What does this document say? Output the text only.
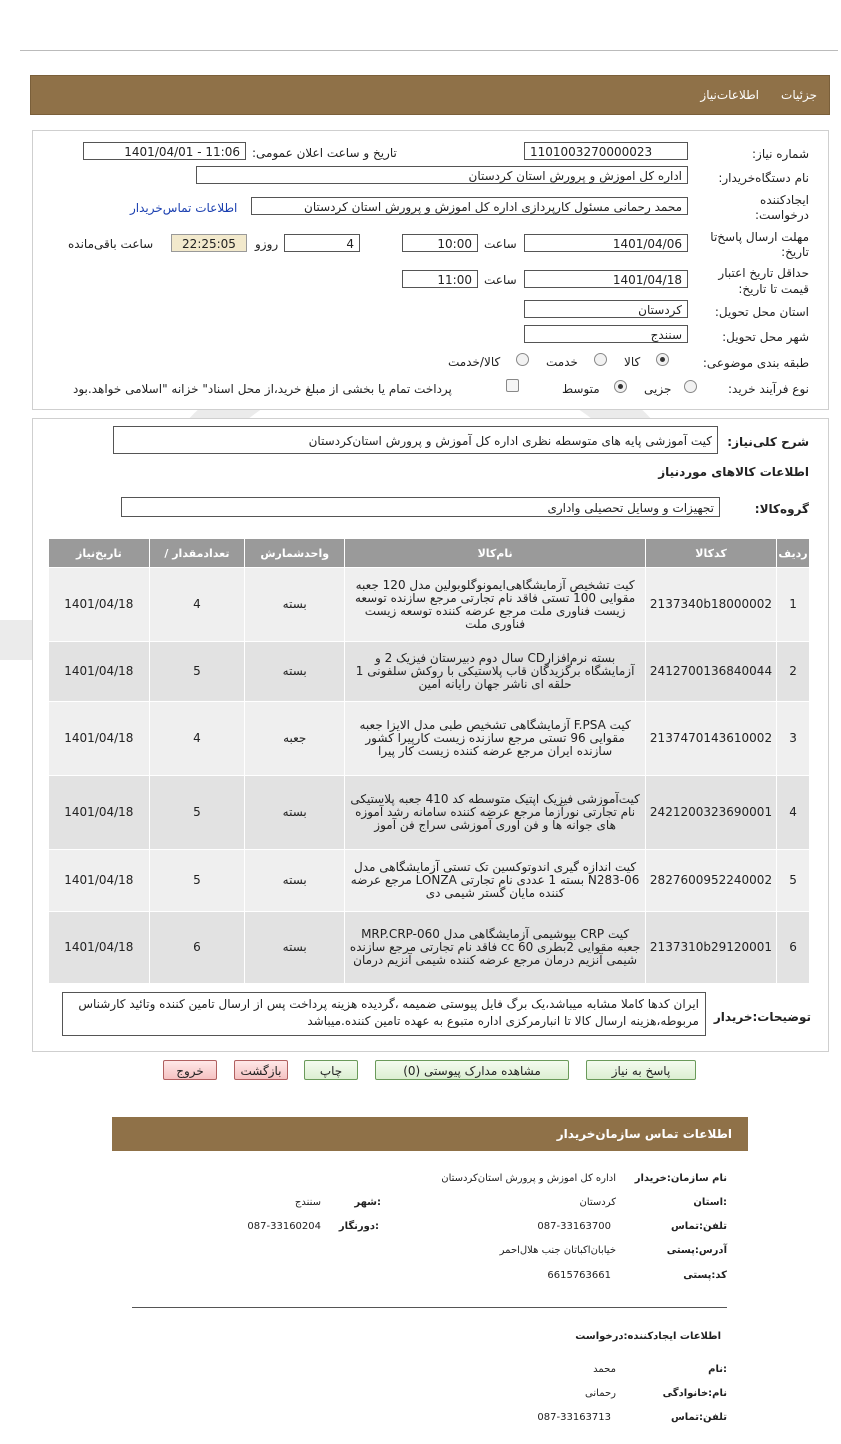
جزئیات
اطلاعات‌نیاز
شماره نیاز:
1101003270000023
تاریخ و ساعت اعلان عمومی:
1401/04/01 - 11:06
نام دستگاه‌خریدار:
اداره کل اموزش و پرورش استان کردستان
ایجادکننده
درخواست:
محمد رحمانی مسئول کارپردازی اداره کل اموزش و پرورش استان کردستان
اطلاعات تماس‌خریدار
مهلت ارسال پاسخ‌تا
تاریخ:
1401/04/06
ساعت
10:00
4
روزو
22:25:05
ساعت باقی‌مانده
حداقل تاریخ اعتبار
قیمت تا تاریخ:
1401/04/18
ساعت
11:00
استان محل تحویل:
کردستان
شهر محل تحویل:
سنندج
طبقه بندی موضوعی:
کالا
خدمت
کالا/خدمت
نوع فرآیند خرید:
جزیی
متوسط
پرداخت تمام یا بخشی از مبلغ خرید،از محل اسناد" خزانه "اسلامی خواهد.بود
شرح کلی‌نیاز:
کیت آموزشی پایه های متوسطه نظری اداره کل آموزش و پرورش استان‌کردستان
اطلاعات کالاهای موردنیاز
گروه‌کالا:
تجهیزات و وسایل تحصیلی واداری
ردیف	کدکالا	نام‌کالا	واحدشمارش	تعدادمقدار /	تاریخ‌نیاز
1	2137340b18000002	کیت تشخیص آزمایشگاهی‌ایمونوگلوبولین مدل 120 جعبه مقوایی 100 تستی فاقد نام تجارتی مرجع سازنده توسعه زیست فناوری ملت مرجع عرضه کننده توسعه زیست فناوری ملت	بسته	4	1401/04/18
2	2412700136840044	بسته نرم‌افزارCD سال دوم دبیرستان فیزیک 2 و آزمایشگاه برگزیدگان قاب پلاستیکی با روکش سلفونی 1 حلقه ای ناشر جهان رایانه امین	بسته	5	1401/04/18
3	2137470143610002	کیت F.PSA آزمایشگاهی تشخیص طبی مدل الایزا جعبه مقوایی 96 تستی مرجع سازنده زیست کارپیرا کشور سازنده ایران مرجع عرضه کننده زیست کار پیرا	جعبه	4	1401/04/18
4	2421200323690001	کیت‌آموزشی فیزیک اپتیک متوسطه کد 410 جعبه پلاستیکی نام تجارتی نورآزما مرجع عرضه کننده سامانه رشد آموزه های جوانه ها و فن آوری آموزشی سراج فن آموز	بسته	5	1401/04/18
5	2827600952240002	کیت اندازه گیری اندوتوکسین تک تستی آزمایشگاهی مدل N283-06 بسته 1 عددی نام تجارتی LONZA مرجع عرضه کننده مایان گستر شیمی دی	بسته	5	1401/04/18
6	2137310b29120001	کیت CRP بیوشیمی آزمایشگاهی مدل MRP.CRP-060 جعبه مقوایی 2بطری 60 cc فاقد نام تجارتی مرجع سازنده شیمی آنزیم درمان مرجع عرضه کننده شیمی آنزیم درمان	بسته	6	1401/04/18
توضیحات:خریدار
ایران کدها کاملا مشابه میباشد،یک برگ فایل پیوستی ضمیمه ،گردیده هزینه پرداخت پس از ارسال تامین کننده وتائید کارشناس مربوطه،هزینه ارسال کالا تا انبارمرکزی اداره متبوع به عهده تامین کننده.میباشد
پاسخ به نیاز
مشاهده مدارک پیوستی (0)
چاپ
بازگشت
خروج
اطلاعات تماس سازمان‌خریدار
نام سازمان:خریدار
اداره کل اموزش و پرورش استان‌کردستان
:استان
کردستان
:شهر
سنندج
تلفن:تماس
087-33163700
:دورنگار
087-33160204
آدرس:پستی
خیابان‌اکباتان جنب هلال‌احمر
کد:پستی
6615763661
اطلاعات ایجاد‌کننده:درخواست
:نام
محمد
نام:خانوادگی
رحمانی
تلفن:تماس
087-33163713
